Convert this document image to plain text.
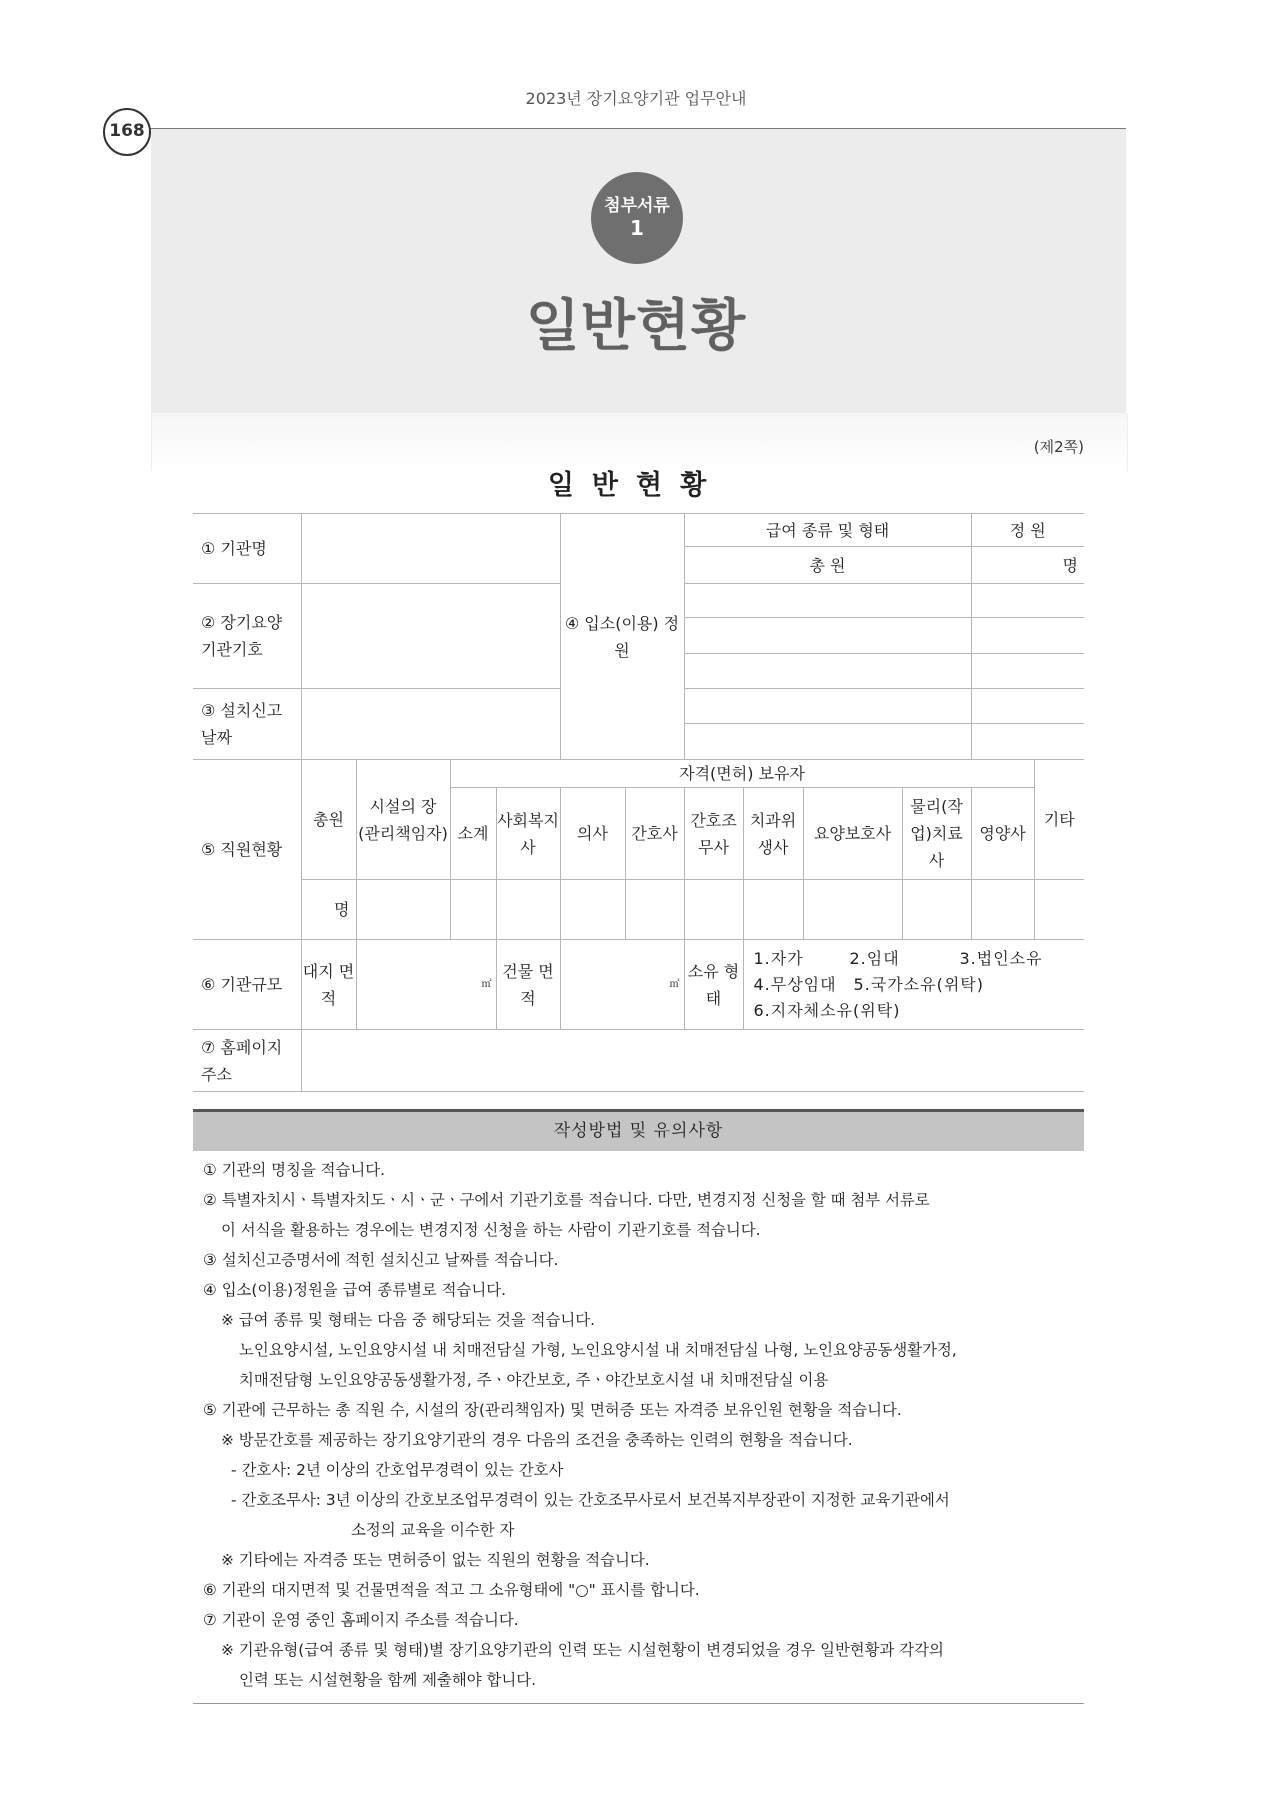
2023년 장기요양기관 업무안내
168
첨부서류
1
일반현황
(제2쪽)
일반현황
① 기관명					④ 입소(이용) 정원		급여 종류 및 형태				정 원	
							총 원				명	
② 장기요양기관기호												

③ 설치신고날짜												

⑤ 직원현황	총원	시설의 장 (관리책임자)	자격(면허) 보유자									기타
			소계	사회복지사	의사	간호사	간호조무사	치과위생사	요양보호사	물리(작업)치료사	영양사	
	명											
⑥ 기관규모	대지 면적	㎡		건물 면적	㎡		소유 형태	1.자가 2.임대 3.법인소유
4.무상임대 5.국가소유(위탁)
6.지자체소유(위탁)				

⑦ 홈페이지주소												
작성방법 및 유의사항

① 기관의 명칭을 적습니다.

② 특별자치시ㆍ특별자치도ㆍ시ㆍ군ㆍ구에서 기관기호를 적습니다. 다만, 변경지정 신청을 할 때 첨부 서류로

이 서식을 활용하는 경우에는 변경지정 신청을 하는 사람이 기관기호를 적습니다.

③ 설치신고증명서에 적힌 설치신고 날짜를 적습니다.

④ 입소(이용)정원을 급여 종류별로 적습니다.

※ 급여 종류 및 형태는 다음 중 해당되는 것을 적습니다.

노인요양시설, 노인요양시설 내 치매전담실 가형, 노인요양시설 내 치매전담실 나형, 노인요양공동생활가정,

치매전담형 노인요양공동생활가정, 주ㆍ야간보호, 주ㆍ야간보호시설 내 치매전담실 이용

⑤ 기관에 근무하는 총 직원 수, 시설의 장(관리책임자) 및 면허증 또는 자격증 보유인원 현황을 적습니다.

※ 방문간호를 제공하는 장기요양기관의 경우 다음의 조건을 충족하는 인력의 현황을 적습니다.

- 간호사: 2년 이상의 간호업무경력이 있는 간호사

- 간호조무사: 3년 이상의 간호보조업무경력이 있는 간호조무사로서 보건복지부장관이 지정한 교육기관에서

소정의 교육을 이수한 자

※ 기타에는 자격증 또는 면허증이 없는 직원의 현황을 적습니다.

⑥ 기관의 대지면적 및 건물면적을 적고 그 소유형태에 "○" 표시를 합니다.

⑦ 기관이 운영 중인 홈페이지 주소를 적습니다.

※ 기관유형(급여 종류 및 형태)별 장기요양기관의 인력 또는 시설현황이 변경되었을 경우 일반현황과 각각의

인력 또는 시설현황을 함께 제출해야 합니다.
